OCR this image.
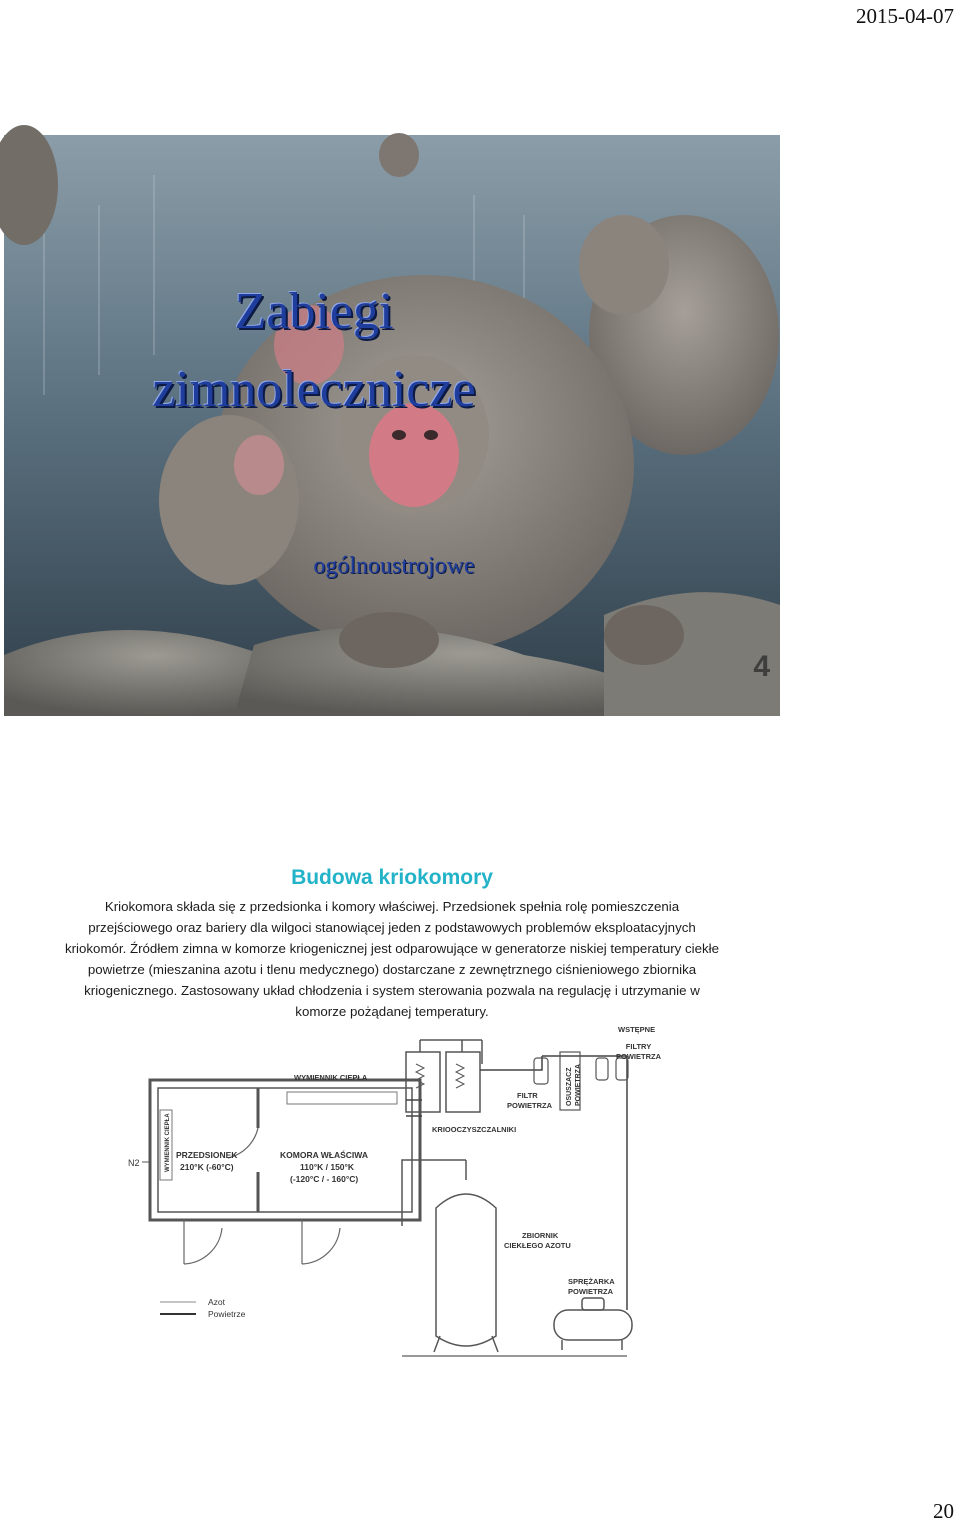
2015-04-07
Zabiegi zimnolecznicze
ogólnoustrojowe
4
Budowa kriokomory
Kriokomora składa się z przedsionka i komory właściwej. Przedsionek spełnia rolę pomieszczenia przejściowego oraz bariery dla wilgoci stanowiącej jeden z podstawowych problemów eksploatacyjnych kriokomór. Źródłem zimna w komorze kriogenicznej jest odparowujące w generatorze niskiej temperatury ciekłe powietrze (mieszanina azotu i tlenu medycznego) dostarczane z zewnętrznego ciśnieniowego zbiornika kriogenicznego. Zastosowany układ chłodzenia i system sterowania pozwala na regulację i utrzymanie w komorze pożądanej temperatury.
WYMIENNIK CIEPŁA
WYMIENNIK CIEPŁA
N2
PRZEDSIONEK
210°K (-60°C)
KOMORA WŁAŚCIWA
110°K / 150°K
(-120°C / - 160°C)
KRIOOCZYSZCZALNIKI
FILTR
POWIETRZA OSUSZACZ POWIETRZA
WSTĘPNE
ZBIORNIK
CIEKŁEGO AZOTU
SPRĘŻARKA
POWIETRZA
Azot
Powietrze
FILTRY
POWIETRZA
20
